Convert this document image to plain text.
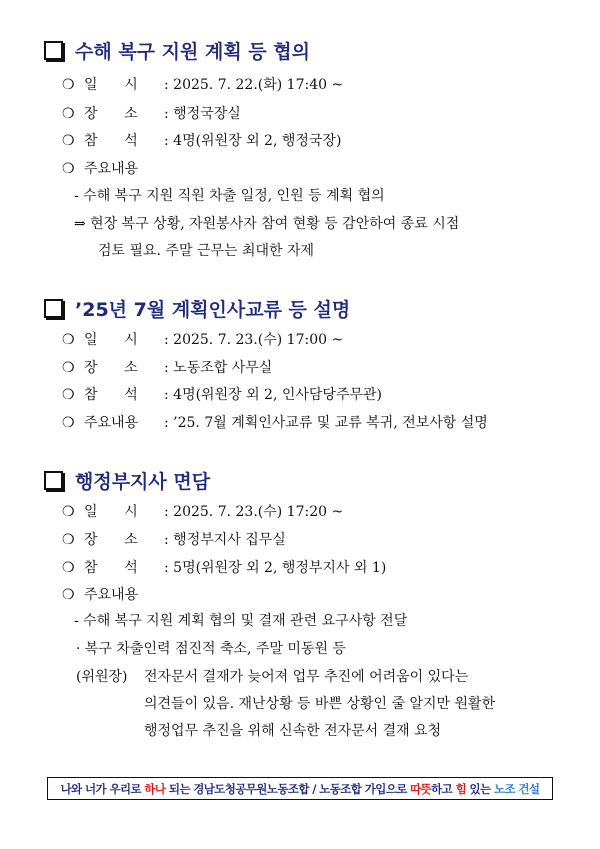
수해 복구 지원 계획 등 협의
❍ 일      시 : 2025. 7. 22.(화) 17:40 ~
❍ 장      소 : 행정국장실
❍ 참      석 : 4명(위원장 외 2, 행정국장)
❍ 주요내용
- 수해 복구 지원 직원 차출 일정, 인원 등 계획 협의
⇒ 현장 복구 상황, 자원봉사자 참여 현황 등 감안하여 종료 시점
검토 필요. 주말 근무는 최대한 자제
’25년 7월 계획인사교류 등 설명
❍ 일      시 : 2025. 7. 23.(수) 17:00 ~
❍ 장      소 : 노동조합 사무실
❍ 참      석 : 4명(위원장 외 2, 인사담당주무관)
❍ 주요내용 : ’25. 7월 계획인사교류 및 교류 복귀, 전보사항 설명
행정부지사 면담
❍ 일      시 : 2025. 7. 23.(수) 17:20 ~
❍ 장      소 : 행정부지사 집무실
❍ 참      석 : 5명(위원장 외 2, 행정부지사 외 1)
❍ 주요내용
- 수해 복구 지원 계획 협의 및 결재 관련 요구사항 전달
· 복구 차출인력 점진적 축소, 주말 미동원 등
(위원장) 전자문서 결재가 늦어져 업무 추진에 어려움이 있다는
의견들이 있음. 재난상황 등 바쁜 상황인 줄 알지만 원활한
행정업무 추진을 위해 신속한 전자문서 결재 요청
나와 너가 우리로 하나 되는 경남도청공무원노동조합 / 노동조합 가입으로 따뜻 하고 힘 있는 노조 건설
